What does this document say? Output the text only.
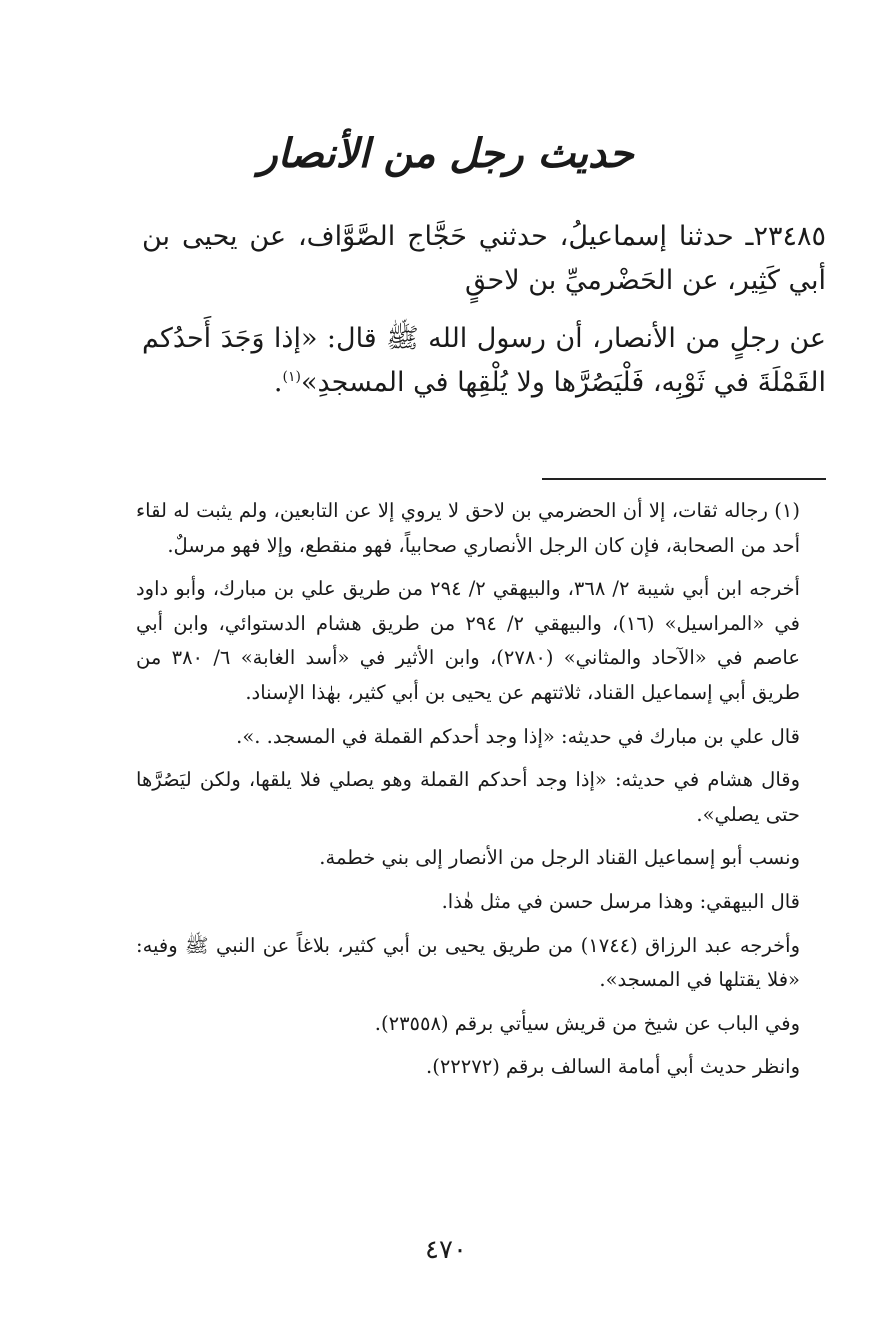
حديث رجل من الأنصار

٢٣٤٨٥ـ حدثنا إسماعيلُ، حدثني حَجَّاج الصَّوَّاف، عن يحيى بن أبي كَثِير، عن الحَضْرميِّ بن لاحقٍ

عن رجلٍ من الأنصار، أن رسول الله ﷺ قال: «إذا وَجَدَ أَحدُكم القَمْلَةَ في ثَوْبِه، فَلْيَصُرَّها ولا يُلْقِها في المسجدِ»$^{(١)}$.

(١) رجاله ثقات، إلا أن الحضرمي بن لاحق لا يروي إلا عن التابعين، ولم يثبت له لقاء أحد من الصحابة، فإن كان الرجل الأنصاري صحابياً، فهو منقطع، وإلا فهو مرسلٌ.

أخرجه ابن أبي شيبة ٢/ ٣٦٨، والبيهقي ٢/ ٢٩٤ من طريق علي بن مبارك، وأبو داود في «المراسيل» (١٦)، والبيهقي ٢/ ٢٩٤ من طريق هشام الدستوائي، وابن أبي عاصم في «الآحاد والمثاني» (٢٧٨٠)، وابن الأثير في «أسد الغابة» ٦/ ٣٨٠ من طريق أبي إسماعيل القناد، ثلاثتهم عن يحيى بن أبي كثير، بهٰذا الإسناد.

قال علي بن مبارك في حديثه: «إذا وجد أحدكم القملة في المسجد. .».

وقال هشام في حديثه: «إذا وجد أحدكم القملة وهو يصلي فلا يلقها، ولكن ليَصُرَّها حتى يصلي».

ونسب أبو إسماعيل القناد الرجل من الأنصار إلى بني خطمة.

قال البيهقي: وهذا مرسل حسن في مثل هٰذا.

وأخرجه عبد الرزاق (١٧٤٤) من طريق يحيى بن أبي كثير، بلاغاً عن النبي ﷺ وفيه: «فلا يقتلها في المسجد».

وفي الباب عن شيخ من قريش سيأتي برقم (٢٣٥٥٨).

وانظر حديث أبي أمامة السالف برقم (٢٢٢٧٢).

٤٧٠
